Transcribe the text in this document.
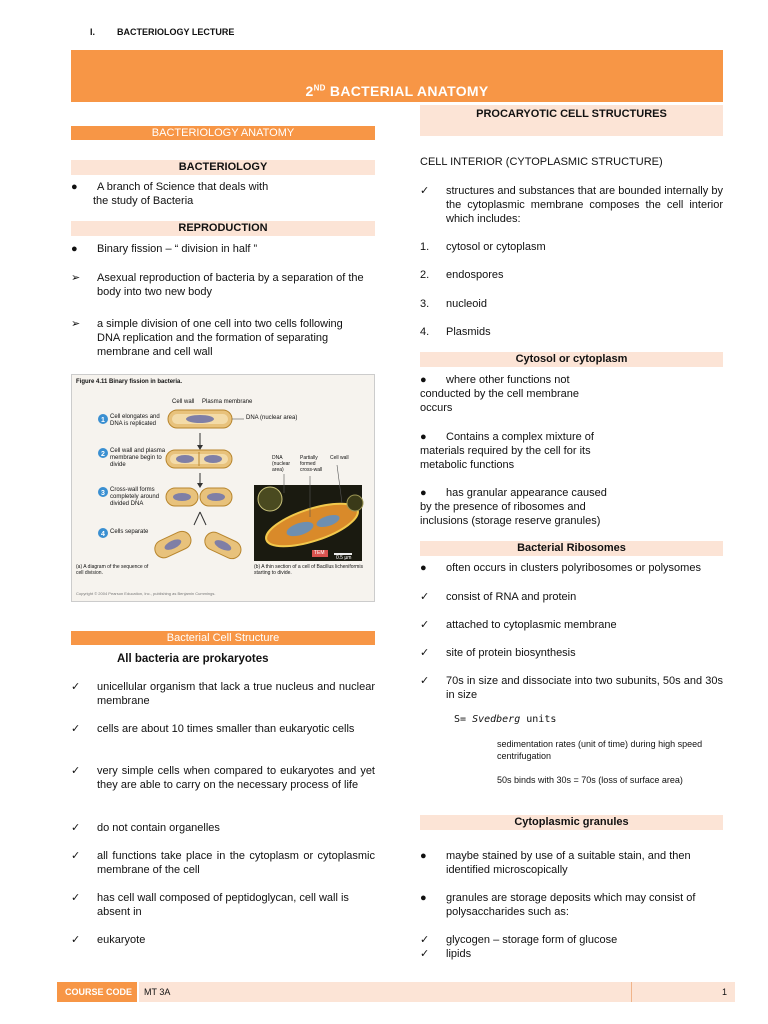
I. BACTERIOLOGY LECTURE
2ND BACTERIAL ANATOMY
BACTERIOLOGY ANATOMY
BACTERIOLOGY
● A branch of Science that deals with
the study of Bacteria
REPRODUCTION
● Binary fission – “ division in half ”
➢ Asexual reproduction of bacteria by a separation of the body into two new body
➢ a simple division of one cell into two cells following DNA replication and the formation of separating membrane and cell wall
1
2
3
4
Figure 4.11 Binary fission in bacteria.
Cell wall Plasma membrane
DNA (nuclear area)
Cell elongates and DNA is replicated
Cell wall and plasma membrane begin to divide
Cross-wall forms completely around divided DNA
Cells separate
DNA (nuclear area)
Partially formed cross-wall
Cell wall
TEM
0.5 µm
(a) A diagram of the sequence of cell division.
(b) A thin section of a cell of Bacillus licheniformis starting to divide.
Copyright © 2004 Pearson Education, Inc., publishing as Benjamin Cummings.
Bacterial Cell Structure
All bacteria are prokaryotes
✓ unicellular organism that lack a true nucleus and nuclear membrane
✓ cells are about 10 times smaller than eukaryotic cells
✓ very simple cells when compared to eukaryotes and yet they are able to carry on the necessary process of life
✓ do not contain organelles
✓ all functions take place in the cytoplasm or cytoplasmic membrane of the cell
✓ has cell wall composed of peptidoglycan, cell wall is absent in
✓ eukaryote
PROCARYOTIC CELL STRUCTURES
CELL INTERIOR (CYTOPLASMIC STRUCTURE)
✓ structures and substances that are bounded internally by the cytoplasmic membrane composes the cell interior which includes:
1. cytosol or cytoplasm
2. endospores
3. nucleoid
4. Plasmids
Cytosol or cytoplasm
● where other functions not
conducted by the cell membrane
occurs
● Contains a complex mixture of
materials required by the cell for its
metabolic functions
● has granular appearance caused
by the presence of ribosomes and
inclusions (storage reserve granules)
Bacterial Ribosomes
● often occurs in clusters polyribosomes or polysomes
✓ consist of RNA and protein
✓ attached to cytoplasmic membrane
✓ site of protein biosynthesis
✓ 70s in size and dissociate into two subunits, 50s and 30s in size
S= Svedberg units
sedimentation rates (unit of time) during high speed centrifugation
50s binds with 30s = 70s (loss of surface area)
Cytoplasmic granules
● maybe stained by use of a suitable stain, and then identified microscopically
● granules are storage deposits which may consist of polysaccharides such as:
✓ glycogen – storage form of glucose
✓ lipids
COURSE CODE	MT 3A	1
